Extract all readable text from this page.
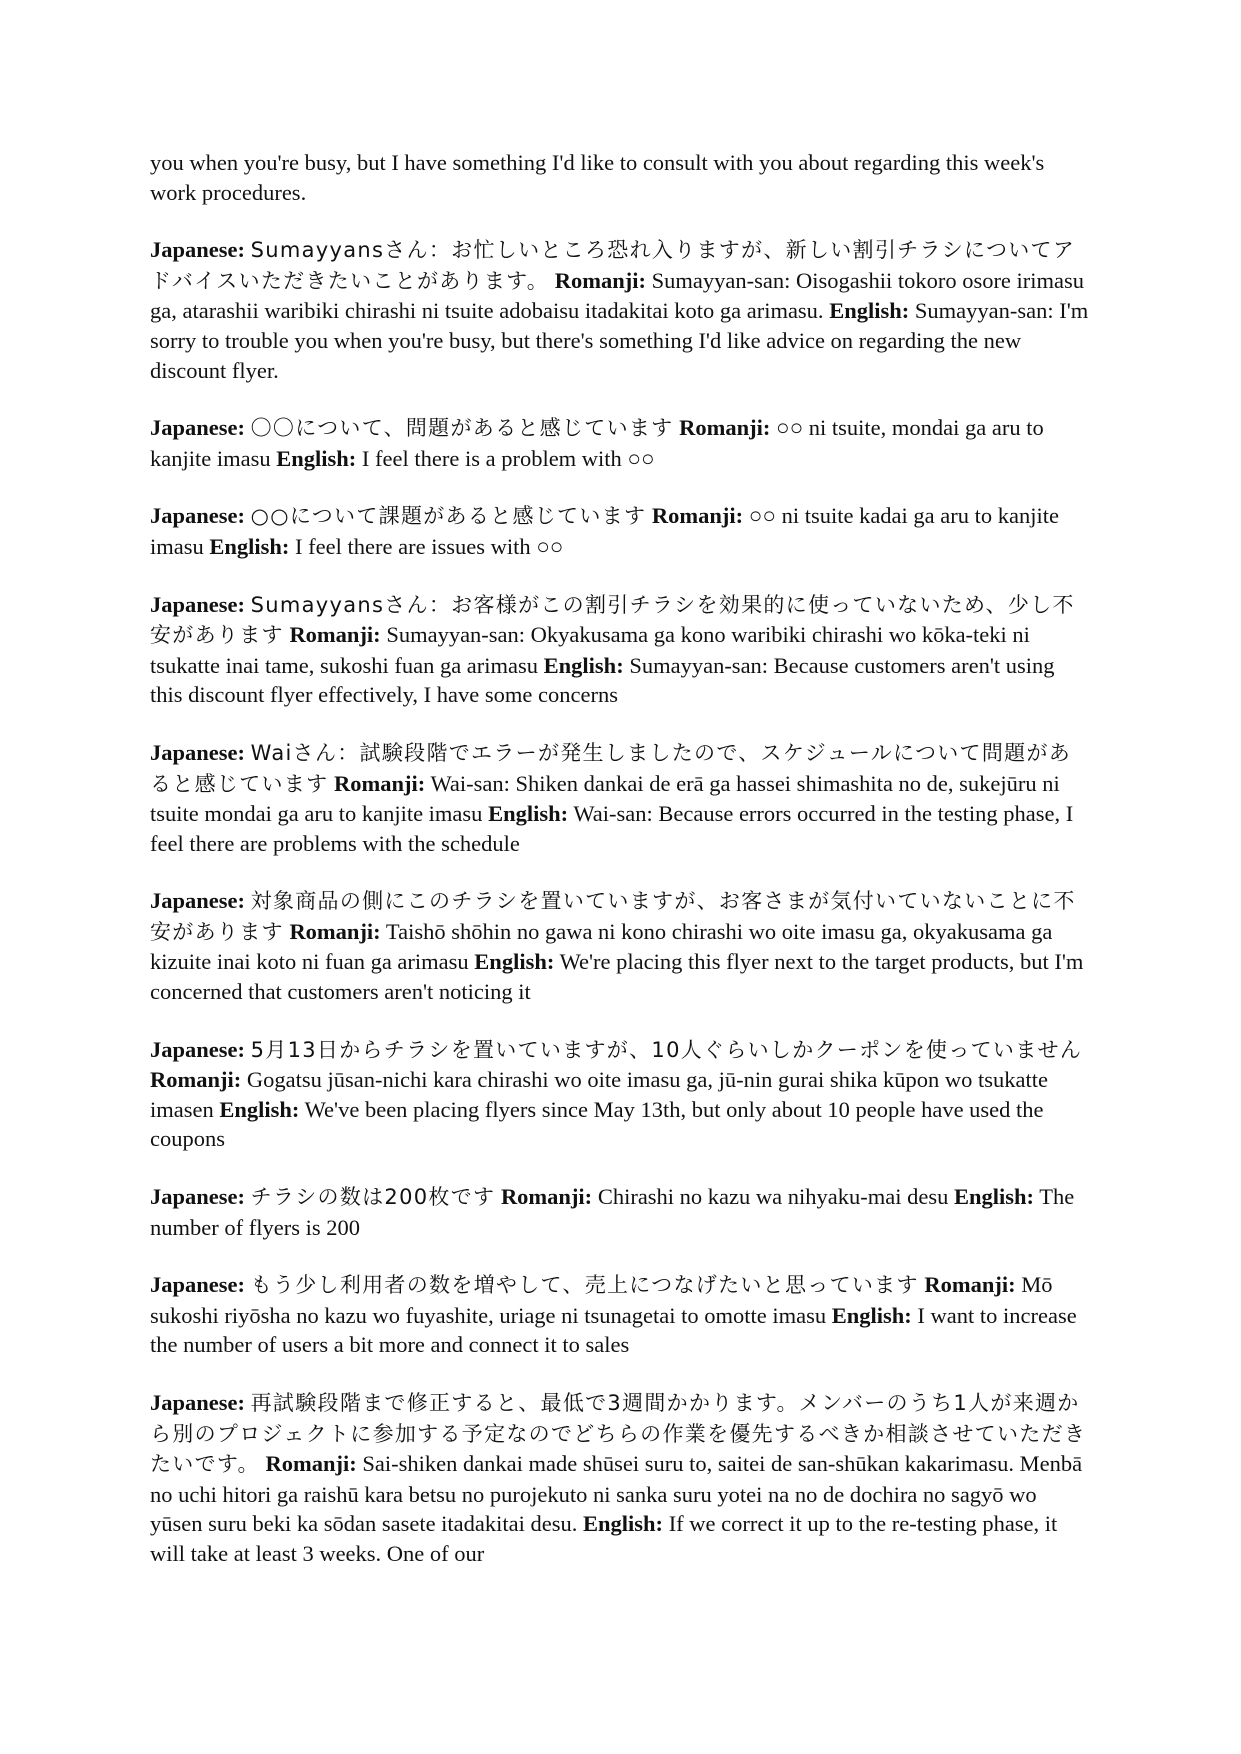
you when you're busy, but I have something I'd like to consult with you about regarding this week's work procedures.

Japanese: Sumayyansさん：お忙しいところ恐れ入りますが、新しい割引チラシについてアドバイスいただきたいことがあります。 Romanji: Sumayyan-san: Oisogashii tokoro osore irimasu ga, atarashii waribiki chirashi ni tsuite adobaisu itadakitai koto ga arimasu. English: Sumayyan-san: I'm sorry to trouble you when you're busy, but there's something I'd like advice on regarding the new discount flyer.

Japanese: 〇〇について、問題があると感じています Romanji: ○○ ni tsuite, mondai ga aru to kanjite imasu English: I feel there is a problem with ○○

Japanese: ○○について課題があると感じています Romanji: ○○ ni tsuite kadai ga aru to kanjite imasu English: I feel there are issues with ○○

Japanese: Sumayyansさん：お客様がこの割引チラシを効果的に使っていないため、少し不安があります Romanji: Sumayyan-san: Okyakusama ga kono waribiki chirashi wo kōka-teki ni tsukatte inai tame, sukoshi fuan ga arimasu English: Sumayyan-san: Because customers aren't using this discount flyer effectively, I have some concerns

Japanese: Waiさん：試験段階でエラーが発生しましたので、スケジュールについて問題があると感じています Romanji: Wai-san: Shiken dankai de erā ga hassei shimashita no de, sukejūru ni tsuite mondai ga aru to kanjite imasu English: Wai-san: Because errors occurred in the testing phase, I feel there are problems with the schedule

Japanese: 対象商品の側にこのチラシを置いていますが、お客さまが気付いていないことに不安があります Romanji: Taishō shōhin no gawa ni kono chirashi wo oite imasu ga, okyakusama ga kizuite inai koto ni fuan ga arimasu English: We're placing this flyer next to the target products, but I'm concerned that customers aren't noticing it

Japanese: 5月13日からチラシを置いていますが、10人ぐらいしかクーポンを使っていません Romanji: Gogatsu jūsan-nichi kara chirashi wo oite imasu ga, jū-nin gurai shika kūpon wo tsukatte imasen English: We've been placing flyers since May 13th, but only about 10 people have used the coupons

Japanese: チラシの数は200枚です Romanji: Chirashi no kazu wa nihyaku-mai desu English: The number of flyers is 200

Japanese: もう少し利用者の数を増やして、売上につなげたいと思っています Romanji: Mō sukoshi riyōsha no kazu wo fuyashite, uriage ni tsunagetai to omotte imasu English: I want to increase the number of users a bit more and connect it to sales

Japanese: 再試験段階まで修正すると、最低で3週間かかります。メンバーのうち1人が来週から別のプロジェクトに参加する予定なのでどちらの作業を優先するべきか相談させていただきたいです。 Romanji: Sai-shiken dankai made shūsei suru to, saitei de san-shūkan kakarimasu. Menbā no uchi hitori ga raishū kara betsu no purojekuto ni sanka suru yotei na no de dochira no sagyō wo yūsen suru beki ka sōdan sasete itadakitai desu. English: If we correct it up to the re-testing phase, it will take at least 3 weeks. One of our
